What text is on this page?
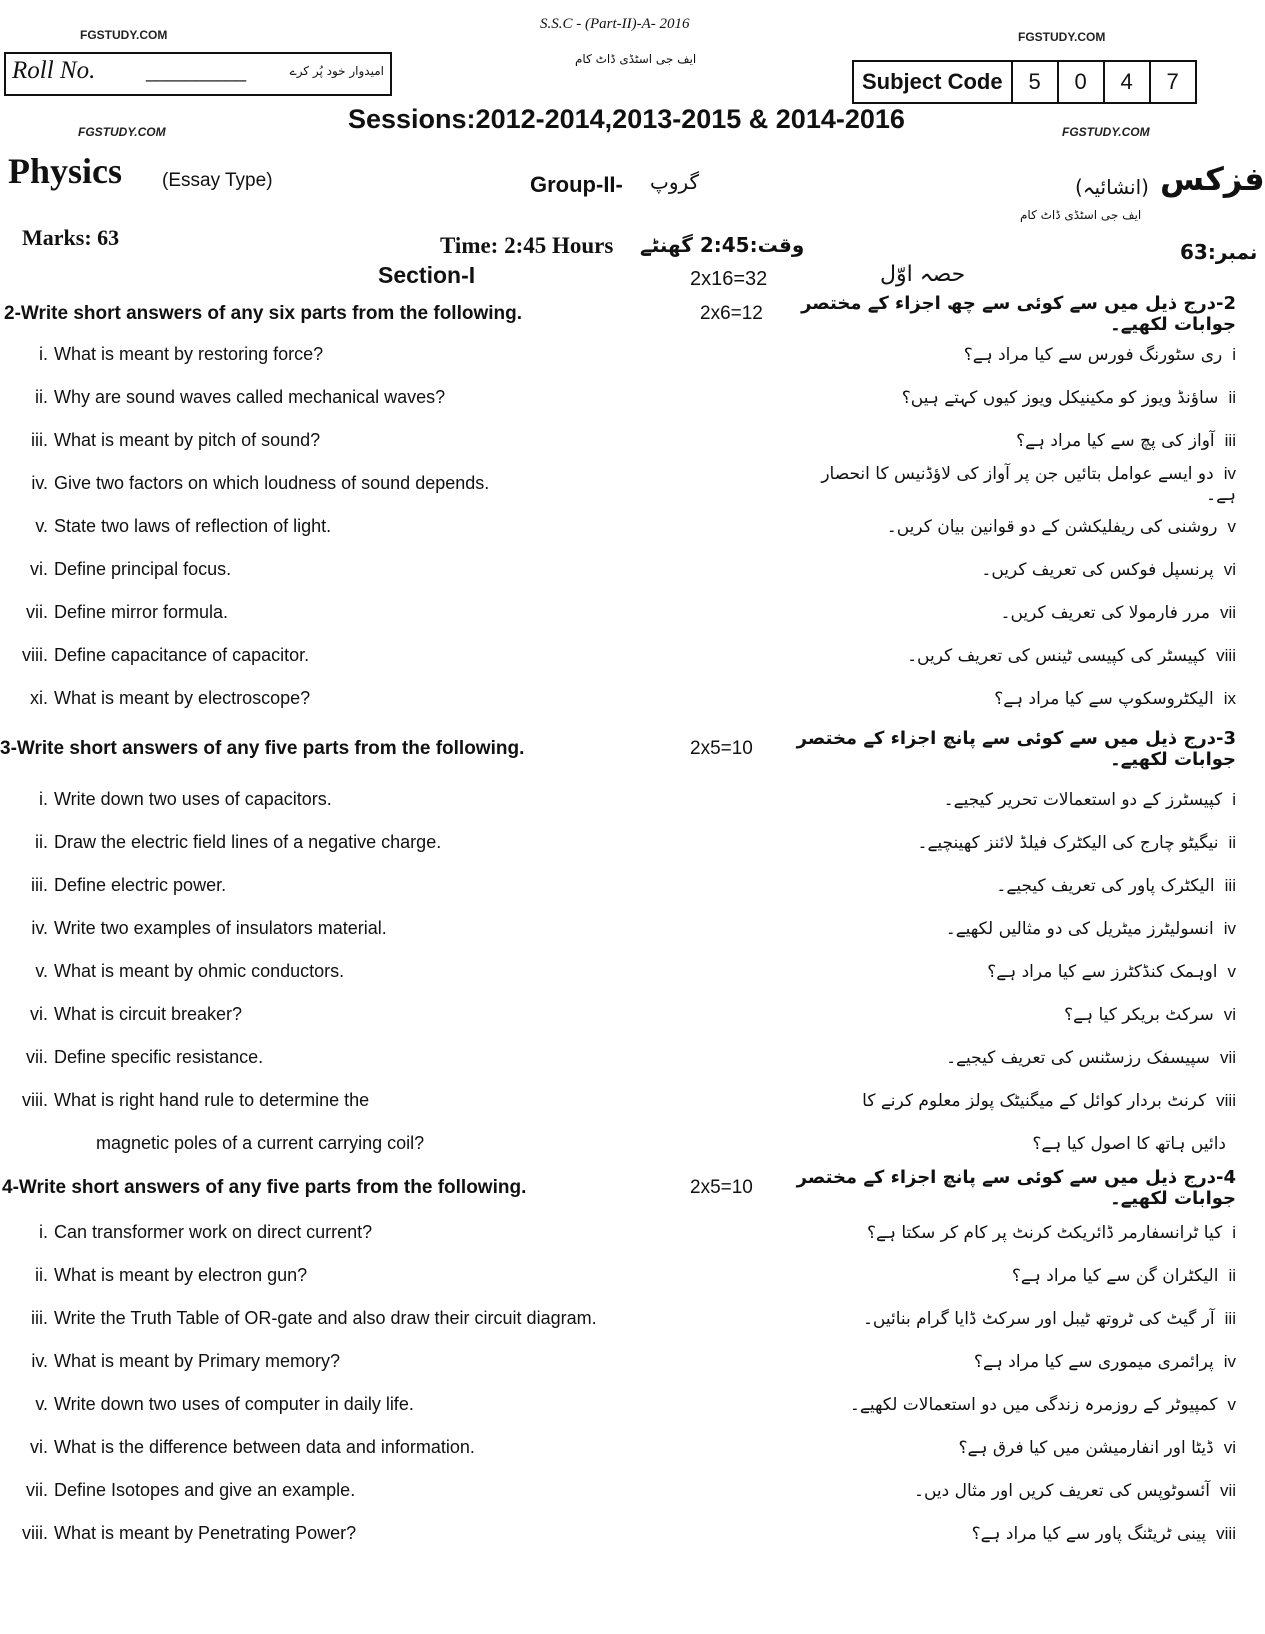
FGSTUDY.COM
S.S.C - (Part-II)-A- 2016
FGSTUDY.COM
ایف جی اسٹڈی ڈاٹ کام
Roll No.	__________	امیدوار خود پُر کرے	Subject Code	5	0	4	7
Sessions:2012-2014,2013-2015 & 2014-2016
FGSTUDY.COM	FGSTUDY.COM
Physics (Essay Type)	Group-II- گروپ	فزکس
(انشائیہ)
Marks: 63	Time: 2:45 Hours وقت:2:45 گھنٹے	نمبر:63
ایف جی اسٹڈی ڈاٹ کام
Section-I	2x16=32	حصہ اوّل
2-Write short answers of any six parts from the following.	2x6=12 2-درج ذیل میں سے کوئی سے چھ اجزاء کے مختصر جوابات لکھیے۔
i. What is meant by restoring force?	iری سٹورنگ فورس سے کیا مراد ہے؟
ii. Why are sound waves called mechanical waves?	iiساؤنڈ ویوز کو مکینیکل ویوز کیوں کہتے ہیں؟
iii. What is meant by pitch of sound?	iiiآواز کی پچ سے کیا مراد ہے؟
iv. Give two factors on which loudness of sound depends.	ivدو ایسے عوامل بتائیں جن پر آواز کی لاؤڈنیس کا انحصار ہے۔
v. State two laws of reflection of light.	vروشنی کی ریفلیکشن کے دو قوانین بیان کریں۔
vi. Define principal focus.	viپرنسپل فوکس کی تعریف کریں۔
vii. Define mirror formula.	viiمرر فارمولا کی تعریف کریں۔
viii. Define capacitance of capacitor.	viiiکپیسٹر کی کپیسی ٹینس کی تعریف کریں۔
xi. What is meant by electroscope?	ixالیکٹروسکوپ سے کیا مراد ہے؟
3-Write short answers of any five parts from the following.	2x5=10 3-درج ذیل میں سے کوئی سے پانچ اجزاء کے مختصر جوابات لکھیے۔
i. Write down two uses of capacitors.	iکپیسٹرز کے دو استعمالات تحریر کیجیے۔
ii. Draw the electric field lines of a negative charge.	iiنیگیٹو چارج کی الیکٹرک فیلڈ لائنز کھینچیے۔
iii. Define electric power.	iiiالیکٹرک پاور کی تعریف کیجیے۔
iv. Write two examples of insulators material.	ivانسولیٹرز میٹریل کی دو مثالیں لکھیے۔
v. What is meant by ohmic conductors.	vاوہمک کنڈکٹرز سے کیا مراد ہے؟
vi. What is circuit breaker?	viسرکٹ بریکر کیا ہے؟
vii. Define specific resistance.	viiسپیسفک رزسٹنس کی تعریف کیجیے۔
viii. What is right hand rule to determine the	viiiکرنٹ بردار کوائل کے میگنیٹک پولز معلوم کرنے کا
magnetic poles of a current carrying coil?	دائیں ہاتھ کا اصول کیا ہے؟
4-Write short answers of any five parts from the following.	2x5=10 4-درج ذیل میں سے کوئی سے پانچ اجزاء کے مختصر جوابات لکھیے۔
i. Can transformer work on direct current?	iکیا ٹرانسفارمر ڈائریکٹ کرنٹ پر کام کر سکتا ہے؟
ii. What is meant by electron gun?	iiالیکٹران گن سے کیا مراد ہے؟
iii. Write the Truth Table of OR-gate and also draw their circuit diagram.	iiiآر گیٹ کی ٹروتھ ٹیبل اور سرکٹ ڈایا گرام بنائیں۔
iv. What is meant by Primary memory?	ivپرائمری میموری سے کیا مراد ہے؟
v. Write down two uses of computer in daily life.	vکمپیوٹر کے روزمرہ زندگی میں دو استعمالات لکھیے۔
vi. What is the difference between data and information.	viڈیٹا اور انفارمیشن میں کیا فرق ہے؟
vii. Define Isotopes and give an example.	viiآئسوٹوپس کی تعریف کریں اور مثال دیں۔
viii. What is meant by Penetrating Power?	viiiپینی ٹریٹنگ پاور سے کیا مراد ہے؟
